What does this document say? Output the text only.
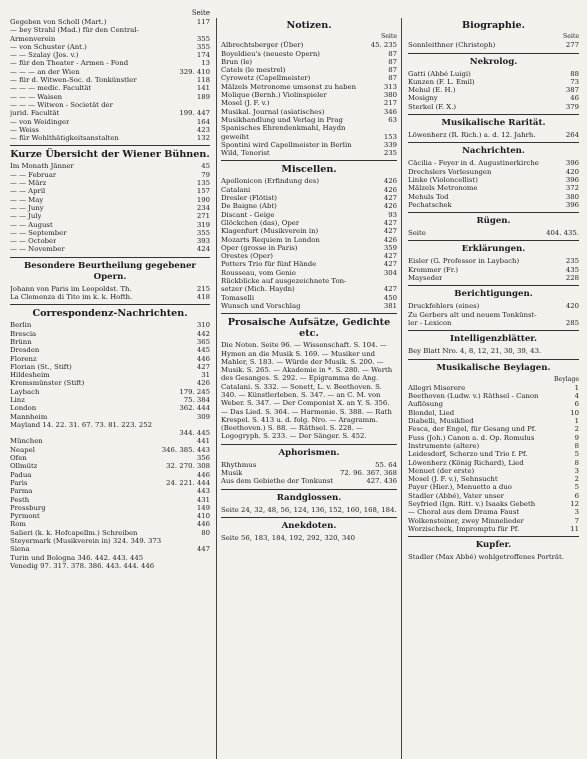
Seite
Gegeben von Scholl (Mart.)	117
— bey Strahl (Mad.) für den Central-
Armenverein	355
— von Schuster (Ant.)	355
— — Szalay (Jos. v.)	174
— für den Theater - Armen - Fond	13
— — — an der Wien	329. 410
— für d. Witwen-Soc. d. Tonkünstler	118
— — — medic. Facultät	141
— — — Waisen	189
— — — Witwen - Societät der
jurid. Facultät	199. 447
— von Weidinger	164
— Weiss	423
— für Wohlthätigkeitsanstalten	132
Kurze Übersicht der Wiener Bühnen.
Im Monath Jänner	45
— — Februar	79
— — März	135
— — April	157
— — May	190
— — Juny	234
— — July	271
— — August	319
— — September	355
— — October	393
— — November	424
Besondere Beurtheilung gegebener Opern.
Johann von Paris im Leopoldst. Th.	215
La Clemenza di Tito im k. k. Hofth.	418
Correspondenz-Nachrichten.
Berlin	310
Brescia	442
Brünn	365
Dresden	445
Florenz	446
Florian (St., Stift)	427
Hildesheim	31
Kremsmünster (Stift)	426
Laybach	179. 245
Linz	75. 384
London	362. 444
Mannheim	309
Mayland 14. 22. 31. 67. 73. 81. 223. 252
344. 445
München	441
Neapel	346. 385. 443
Ofen	356
Ollmütz	32. 270. 308
Padua	446
Paris	24. 221. 444
Parma	443
Pesth	431
Pressburg	149
Pyrmont	410
Rom	446
Salieri (k. k. Hofcapellm.) Schreiben	80
Steyermark (Musikverein in) 324. 349. 373
Siena	447
Turin und Bologna 346. 442. 443. 445
Venedig 97. 317. 378. 386. 443. 444. 446
Notizen.
Seite
Albrechtsberger (Über)	45. 235
Boyeldieu's (neueste Opern)	87
Brun (le)	87
Catels (le mestrel)	87
Cyrowetz (Capellmeister)	87
Mälzels Metronome umsonst zu haben	313
Molique (Bernh.) Violinspieler	380
Mosel (J. F. v.)	217
Musikal. Journal (asiatisches)	346
Musikhandlung und Verlag in Prag	63
Spanisches Ehrendenkmahl, Haydn
geweiht	153
Spontini wird Capellmeister in Berlin	339
Wild, Tenorist	235
Miscellen.
Apollonicon (Erfindung des)	426
Catalani	426
Dresler (Flötist)	427
De Baigne (Abt)	426
Discant - Geige	93
Glöckchen (das), Oper	427
Klagenfurt (Musikverein in)	427
Mozarts Requiem in London	426
Oper (grosse in Paris)	359
Orestes (Oper)	427
Potters Trio für fünf Hände	427
Rousseau, vom Genie	304
Rückblicke auf ausgezeichnete Ton-
setzer (Mich. Haydn)	427
Tomaselli	450
Wunsch und Vorschlag	381
Prosaische Aufsätze, Gedichte etc.
Die Noten. Seite 96. — Wissenschaft. S. 104. — Hymen an die Musik S. 169. — Musiker und Mahler, S. 183. — Würde der Musik. S. 200. — Musik. S. 265. — Akademie in *. S. 280. — Werth des Gesanges. S. 292. — Epigramma de Ang. Catalani. S. 332. — Sonett, L. v. Beethoven. S. 340. — Künstlerleben. S. 347. — an C. M. von Weber. S. 347. — Der Componist X. an Y. S. 356. — Das Lied. S. 364. — Harmonie. S. 388. — Rath Krespel. S. 413 u. d. folg. Nro. — Aragramm. (Beethoven.) S. 88. — Räthsel. S. 228. — Logogryph. S. 233. — Der Sänger. S. 452.
Aphorismen.
Rhythmus	55. 64
Musik	72. 96. 367. 368
Aus dem Gebiethe der Tonkunst	427. 436
Randglossen.
Seite 24, 32, 48, 56, 124, 136, 152, 160, 168, 184.
Anekdoten.
Seite 56, 183, 184, 192, 292, 320, 340
Biographie.
Seite
Sonnleithner (Christoph)	277
Nekrolog.
Gatti (Abbé Luigi)	88
Kunzen (F. L. Emil)	73
Mehul (E. H.)	387
Mosigny	46
Sterkel (F. X.)	379
Musikalische Rarität.
Löwenherz (R. Rich.) a. d. 12. Jahrh.	264
Nachrichten.
Cäcilia - Feyer in d. Augustinerkirche	396
Drechslers Vorlesungen	420
Linke (Violoncellist)	396
Mälzels Metronome	372
Mehuls Tod	380
Pechatschek	396
Rügen.
Seite	404. 435.
Erklärungen.
Eisler (G. Professor in Laybach)	235
Krommer (Fr.)	435
Mayseder	228
Berichtigungen.
Druckfehlers (eines)	420
Zu Gerbers alt und neuem Tonkünst-
ler - Lexicon	285
Intelligenzblätter.
Bey Blatt Nro. 4, 8, 12, 21, 30, 39, 43.
Musikalische Beylagen.
Beylage
Allegri Miserere	1
Beethoven (Ludw. v.) Räthsel - Canon	4
Auflösung	6
Blondel, Lied	10
Diabelli, Musiklied	1
Fesca, der Engel, für Gesang und Pf.	2
Fuss (Joh.) Canon a. d. Op. Romulus	9
Instrumente (altere)	8
Leidesdorf, Scherzo und Trio f. Pf.	5
Löwenherz (König Richard), Lied	8
Menuet (der erste)	3
Mosel (J. F. v.), Sehnsucht	2
Payer (Hier.), Menuetto a duo	5
Stadler (Abbé), Vater unser	6
Seyfried (Ign. Ritt. v.) Isaaks Gebeth	12
— Choral aus dem Drama Faust	3
Wolkensteiner, zwey Minnelieder	7
Worzischeck, Impromptu für Pf.	11
Kupfer.
Stadler (Max Abbé) wohlgetroffenes Porträt.
